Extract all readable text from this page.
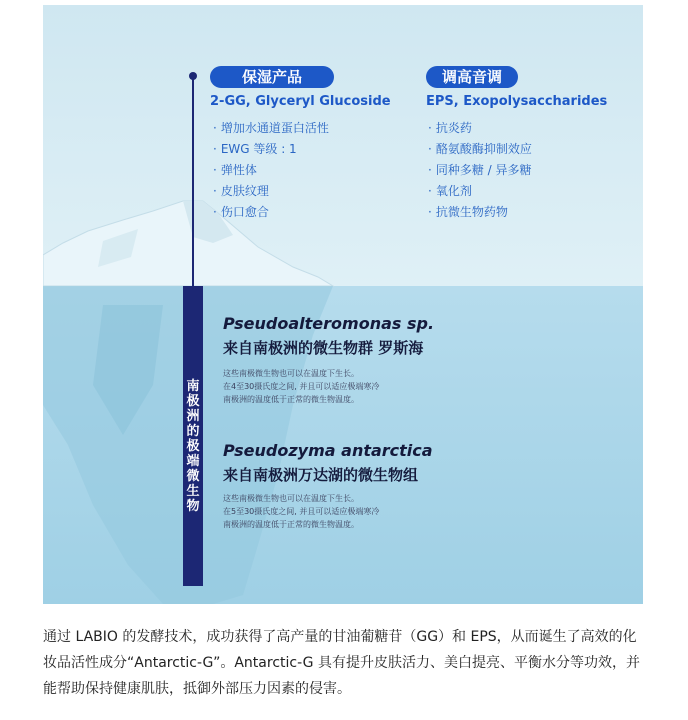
保湿产品
2-GG, Glyceryl Glucoside
· 增加水通道蛋白活性
· EWG 等级 : 1
· 弹性体
· 皮肤纹理
· 伤口愈合
调高音调
EPS, Exopolysaccharides
· 抗炎药
· 酪氨酸酶抑制效应
· 同种多糖 / 异多糖
· 氧化剂
· 抗微生物药物
南极洲的极端微生物
Pseudoalteromonas sp.
来自南极洲的微生物群 罗斯海
这些南极微生物也可以在温度下生长。
在4至30摄氏度之间, 并且可以适应极端寒冷
南极洲的温度低于正常的微生物温度。
Pseudozyma antarctica
来自南极洲万达湖的微生物组
这些南极微生物也可以在温度下生长。
在5至30摄氏度之间, 并且可以适应极端寒冷
南极洲的温度低于正常的微生物温度。
通过 LABIO 的发酵技术，成功获得了高产量的甘油葡糖苷（GG）和 EPS，从而诞生了高效的化妆品活性成分“Antarctic-G”。Antarctic-G 具有提升皮肤活力、美白提亮、平衡水分等功效，并能帮助保持健康肌肤，抵御外部压力因素的侵害。
